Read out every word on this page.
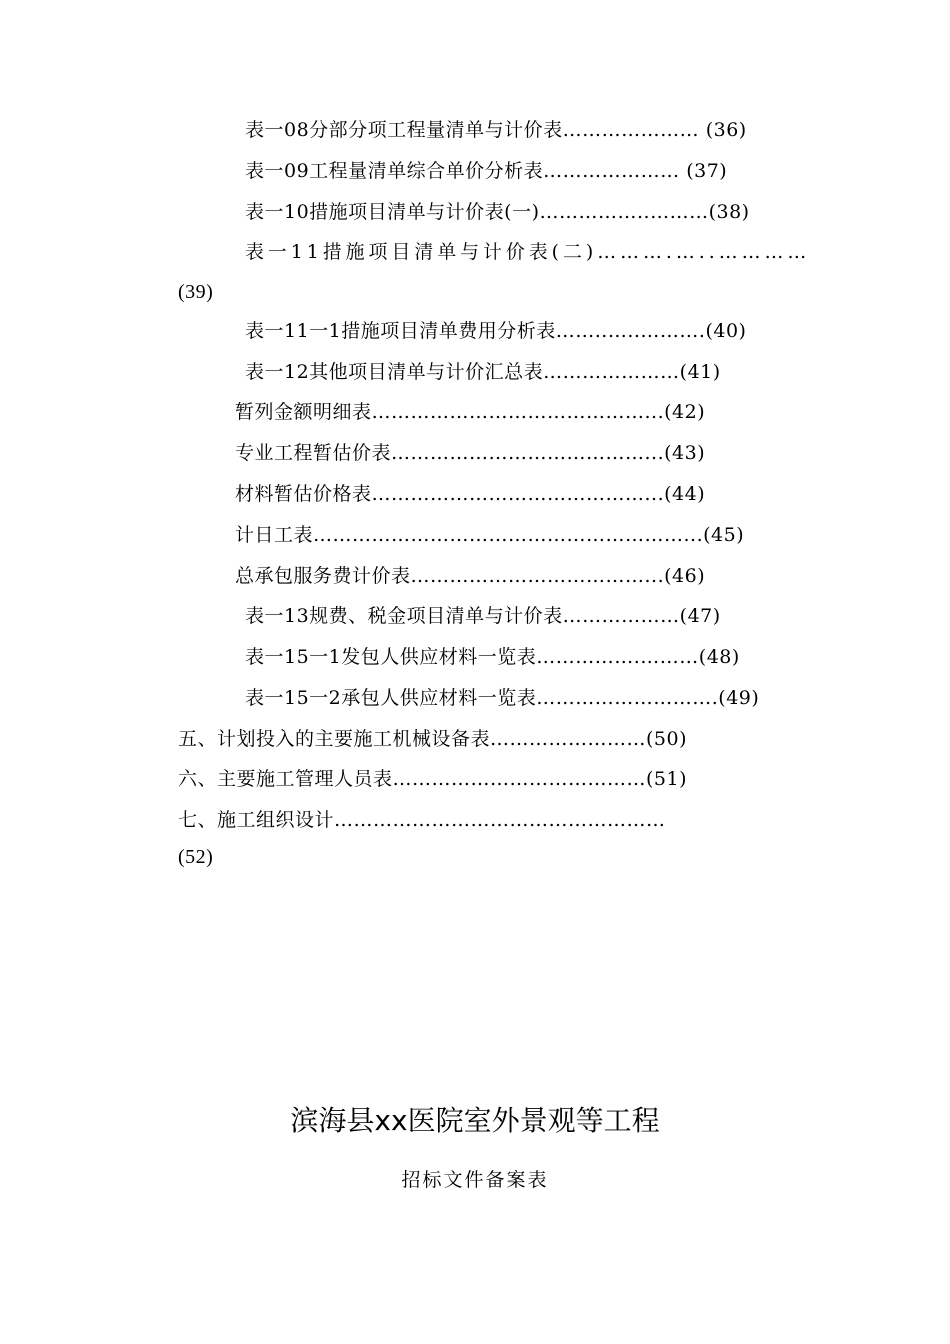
表一08分部分项工程量清单与计价表………………… (36)
表一09工程量清单综合单价分析表………………… (37)
表一10措施项目清单与计价表(一)……………..………(38)
表一11措施项目清单与计价表(二)……….…..…………
(39)
表一11一1措施项目清单费用分析表……..…..……….(40)
表一12其他项目清单与计价汇总表…………………(41)
暂列金额明细表……………………………………...(42)
专业工程暂估价表…………………………………...(43)
材料暂估价格表……………………………………...(44)
计日工表…………………………………………………...(45)
总承包服务费计价表………………………………...(46)
表一13规费、税金项目清单与计价表………………(47)
表一15一1发包人供应材料一览表…………….………(48)
表一15一2承包人供应材料一览表……………………….(49)
五、计划投入的主要施工机械设备表……………………(50)
六、主要施工管理人员表…………………………………(51)
七、施工组织设计……………………………………………
(52)
滨海县xx医院室外景观等工程
招标文件备案表
